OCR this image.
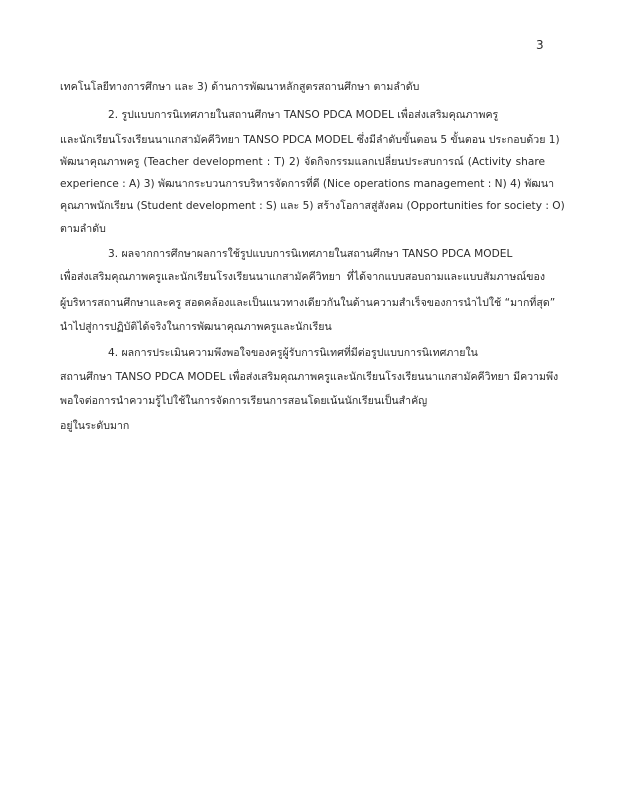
3
เทคโนโลยีทางการศึกษา และ 3) ด้านการพัฒนาหลักสูตรสถานศึกษา ตามลำดับ
2. รูปแบบการนิเทศภายในสถานศึกษา TANSO PDCA MODEL เพื่อส่งเสริมคุณภาพครู
และนักเรียนโรงเรียนนาแกสามัคคีวิทยา TANSO PDCA MODEL ซึ่งมีลำดับขั้นตอน 5 ขั้นตอน ประกอบด้วย 1)
พัฒนาคุณภาพครู (Teacher development : T) 2) จัดกิจกรรมแลกเปลี่ยนประสบการณ์ (Activity share
experience : A) 3) พัฒนากระบวนการบริหารจัดการที่ดี (Nice operations management : N) 4) พัฒนา
คุณภาพนักเรียน (Student development : S) และ 5) สร้างโอกาสสู่สังคม (Opportunities for society : O)
ตามลำดับ
3. ผลจากการศึกษาผลการใช้รูปแบบการนิเทศภายในสถานศึกษา TANSO PDCA MODEL
เพื่อส่งเสริมคุณภาพครูและนักเรียนโรงเรียนนาแกสามัคคีวิทยา ที่ได้จากแบบสอบถามและแบบสัมภาษณ์ของ
ผู้บริหารสถานศึกษาและครู สอดคล้องและเป็นแนวทางเดียวกันในด้านความสำเร็จของการนำไปใช้ “มากที่สุด”
นำไปสู่การปฏิบัติได้จริงในการพัฒนาคุณภาพครูและนักเรียน
4. ผลการประเมินความพึงพอใจของครูผู้รับการนิเทศที่มีต่อรูปแบบการนิเทศภายใน
สถานศึกษา TANSO PDCA MODEL เพื่อส่งเสริมคุณภาพครูและนักเรียนโรงเรียนนาแกสามัคคีวิทยา มีความพึง
พอใจต่อการนำความรู้ไปใช้ในการจัดการเรียนการสอนโดยเน้นนักเรียนเป็นสำคัญ
อยู่ในระดับมาก
